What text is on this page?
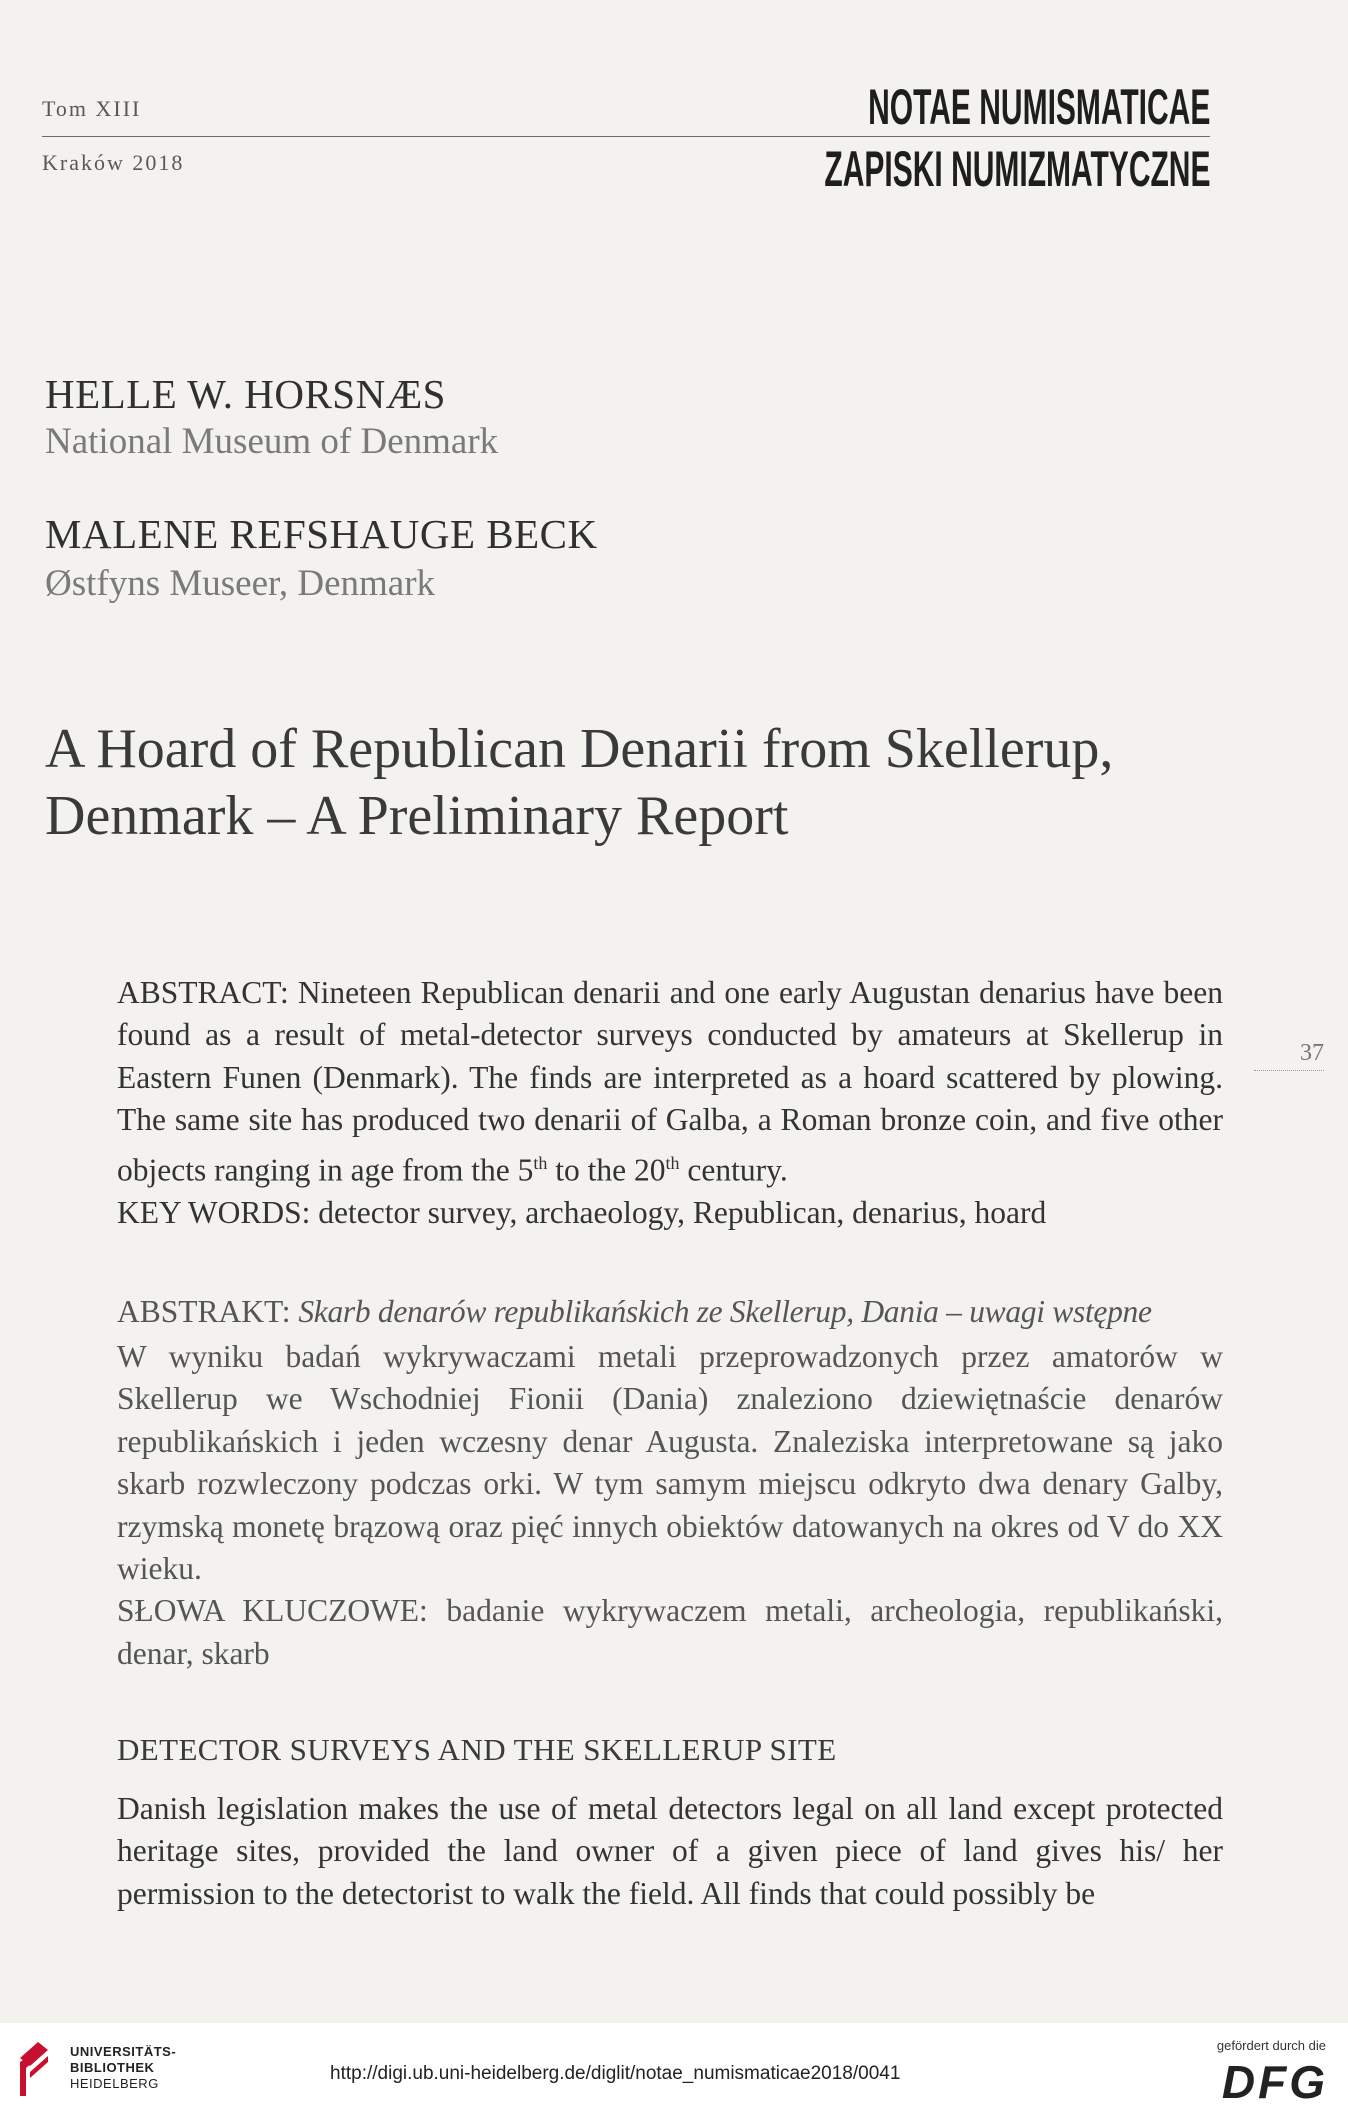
Tom XIII
Kraków 2018
NOTAE NUMISMATICAE
ZAPISKI NUMIZMATYCZNE
HELLE W. HORSNÆS
National Museum of Denmark
MALENE REFSHAUGE BECK
Østfyns Museer, Denmark
A Hoard of Republican Denarii from Skellerup,
Denmark – A Preliminary Report

ABSTRACT: Nineteen Republican denarii and one early Augustan denarius have been found as a result of metal-detector surveys conducted by amateurs at Skellerup in Eastern Funen (Denmark). The finds are interpreted as a hoard scattered by plowing. The same site has produced two denarii of Galba, a Roman bronze coin, and five other objects ranging in age from the 5th to the 20th century.

KEY WORDS: detector survey, archaeology, Republican, denarius, hoard

ABSTRAKT: Skarb denarów republikańskich ze Skellerup, Dania – uwagi wstępne

W wyniku badań wykrywaczami metali przeprowadzonych przez amatorów w Skellerup we Wschodniej Fionii (Dania) znaleziono dziewiętnaście denarów republikańskich i jeden wczesny denar Augusta. Znaleziska interpretowane są jako skarb rozwleczony podczas orki. W tym samym miejscu odkryto dwa denary Galby, rzymską monetę brązową oraz pięć innych obiektów datowanych na okres od V do XX wieku.

SŁOWA KLUCZOWE: badanie wykrywaczem metali, archeologia, republikański, denar, skarb

DETECTOR SURVEYS AND THE SKELLERUP SITE

Danish legislation makes the use of metal detectors legal on all land except protected heritage sites, provided the land owner of a given piece of land gives his/ her permission to the detectorist to walk the field. All finds that could possibly be

37
UNIVERSITÄTS-
BIBLIOTHEK
HEIDELBERG	http://digi.ub.uni-heidelberg.de/diglit/notae_numismaticae2018/0041
gefördert durch die
DFG
